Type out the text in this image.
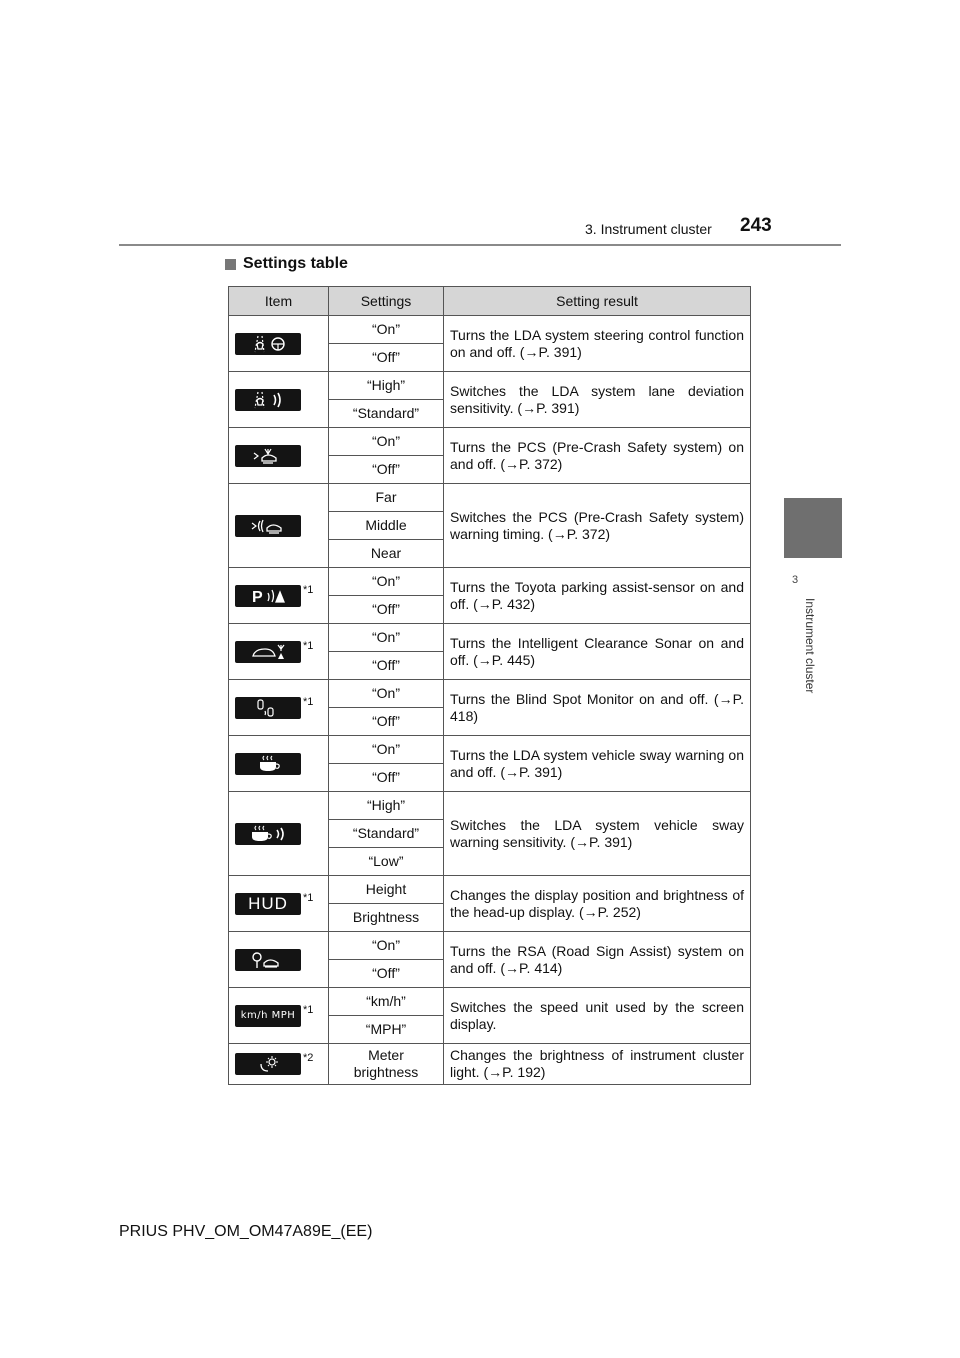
3. Instrument cluster 243
3
Instrument cluster
Settings table
Item	Settings	Setting result

	“On”	Turns the LDA system steering control function on and off. (→P. 391)
	“Off”	

	“High”	Switches the LDA system lane deviation sensitivity. (→P. 391)
	“Standard”	

	“On”	Turns the PCS (Pre-Crash Safety system) on and off. (→P. 372)
	“Off”	

	Far	Switches the PCS (Pre-Crash Safety system) warning timing. (→P. 372)
	Middle	
	Near	

P *1	“On”	Turns the Toyota parking assist-sensor on and off. (→P. 432)
	“Off”	

*1	“On”	Turns the Intelligent Clearance Sonar on and off. (→P. 445)
	“Off”	

*1	“On”	Turns the Blind Spot Monitor on and off. (→P. 418)
	“Off”	

	“On”	Turns the LDA system vehicle sway warning on and off. (→P. 391)
	“Off”	

	“High”	Switches the LDA system vehicle sway warning sensitivity. (→P. 391)
	“Standard”	
	“Low”	

HUD *1	Height	Changes the display position and brightness of the head-up display. (→P. 252)
	Brightness	

	“On”	Turns the RSA (Road Sign Assist) system on and off. (→P. 414)
	“Off”	

km/h MPH *1	“km/h”	Switches the speed unit used by the screen display.
	“MPH”	

*2	Meter brightness	Changes the brightness of instrument cluster light. (→P. 192)
PRIUS PHV_OM_OM47A89E_(EE)
